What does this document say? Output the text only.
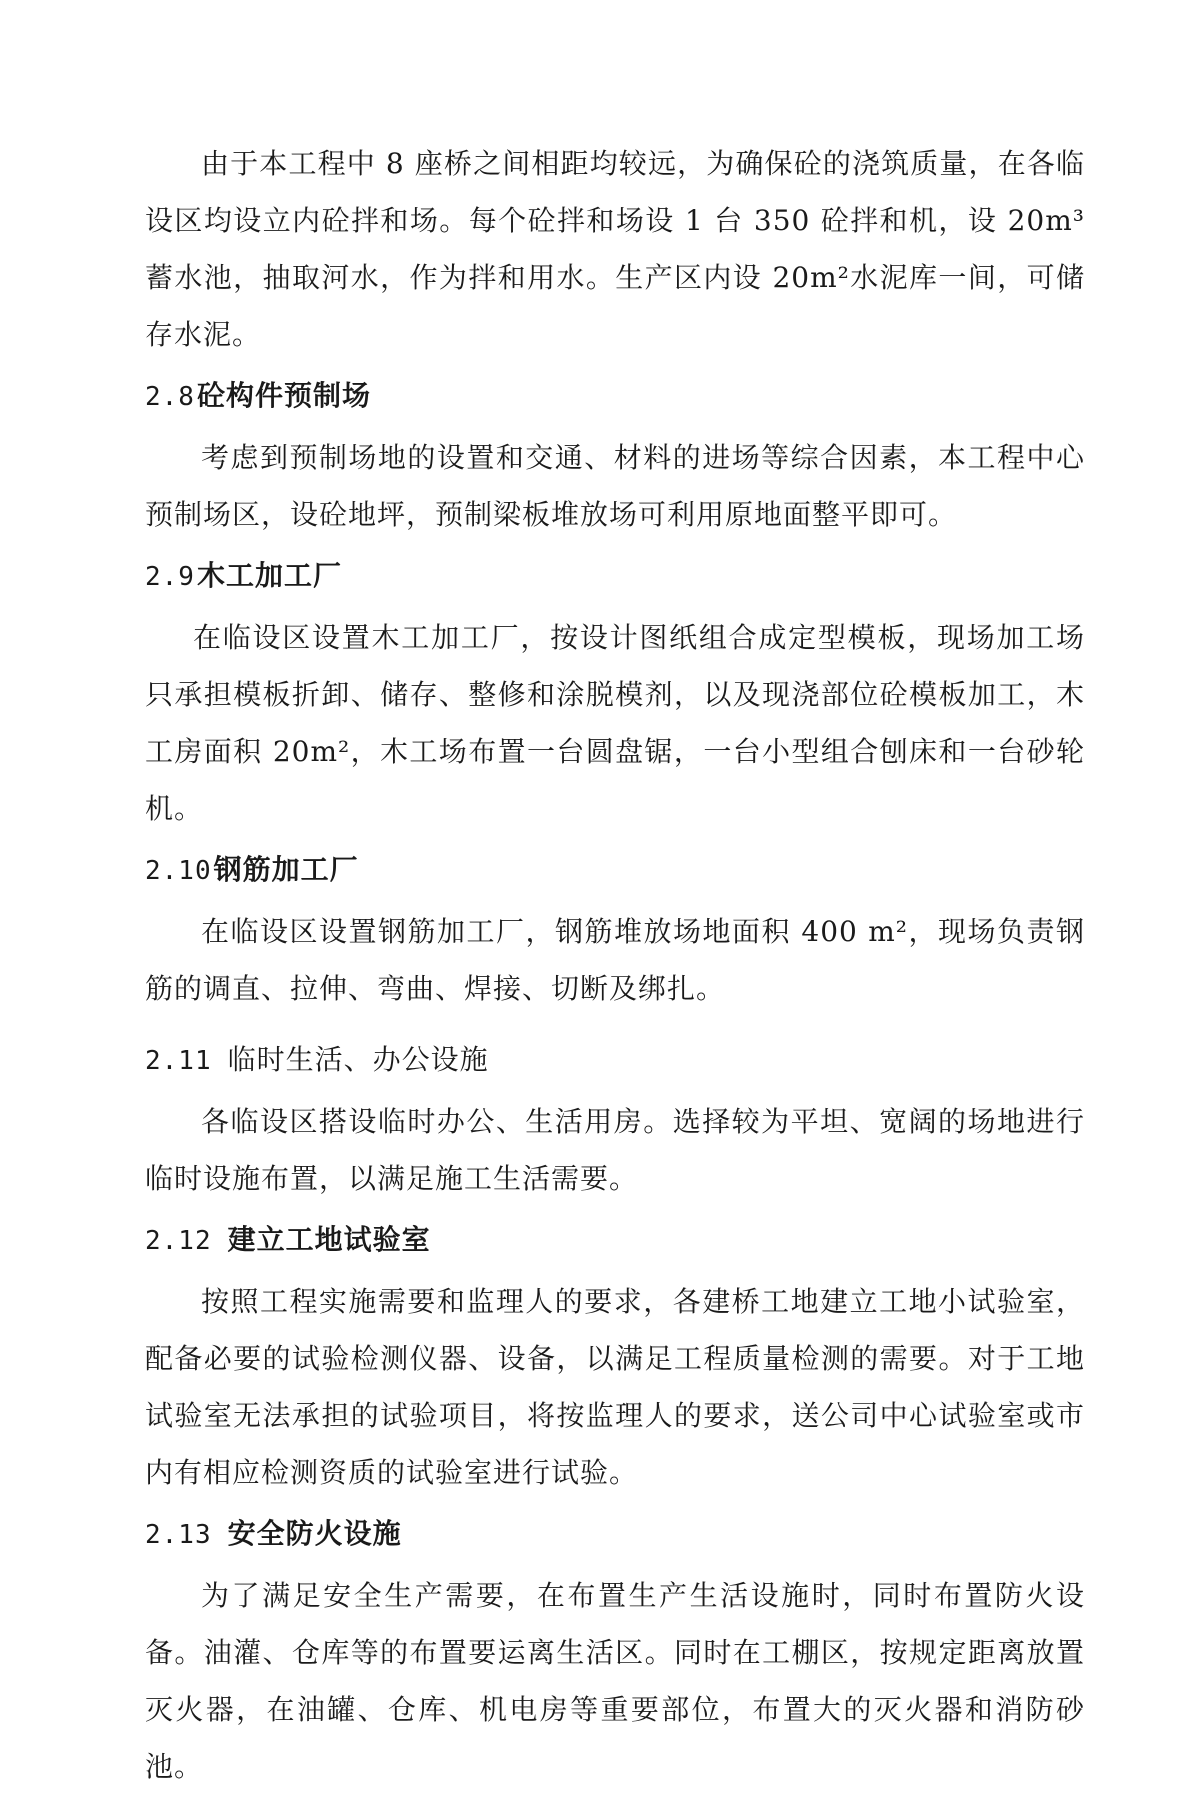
由于本工程中 8 座桥之间相距均较远，为确保砼的浇筑质量，在各临设区均设立内砼拌和场。每个砼拌和场设 1 台 350 砼拌和机，设 20m³蓄水池，抽取河水，作为拌和用水。生产区内设 20m²水泥库一间，可储存水泥。

2.8砼构件预制场

考虑到预制场地的设置和交通、材料的进场等综合因素，本工程中心预制场区，设砼地坪，预制梁板堆放场可利用原地面整平即可。

2.9木工加工厂

在临设区设置木工加工厂，按设计图纸组合成定型模板，现场加工场只承担模板折卸、储存、整修和涂脱模剂，以及现浇部位砼模板加工，木工房面积 20m²，木工场布置一台圆盘锯，一台小型组合刨床和一台砂轮机。

2.10钢筋加工厂

在临设区设置钢筋加工厂，钢筋堆放场地面积 400 m²，现场负责钢筋的调直、拉伸、弯曲、焊接、切断及绑扎。

2.11 临时生活、办公设施

各临设区搭设临时办公、生活用房。选择较为平坦、宽阔的场地进行临时设施布置，以满足施工生活需要。

2.12 建立工地试验室

按照工程实施需要和监理人的要求，各建桥工地建立工地小试验室，配备必要的试验检测仪器、设备，以满足工程质量检测的需要。对于工地试验室无法承担的试验项目，将按监理人的要求，送公司中心试验室或市内有相应检测资质的试验室进行试验。

2.13 安全防火设施

为了满足安全生产需要，在布置生产生活设施时，同时布置防火设备。油灌、仓库等的布置要运离生活区。同时在工棚区，按规定距离放置灭火器，在油罐、仓库、机电房等重要部位，布置大的灭火器和消防砂池。
